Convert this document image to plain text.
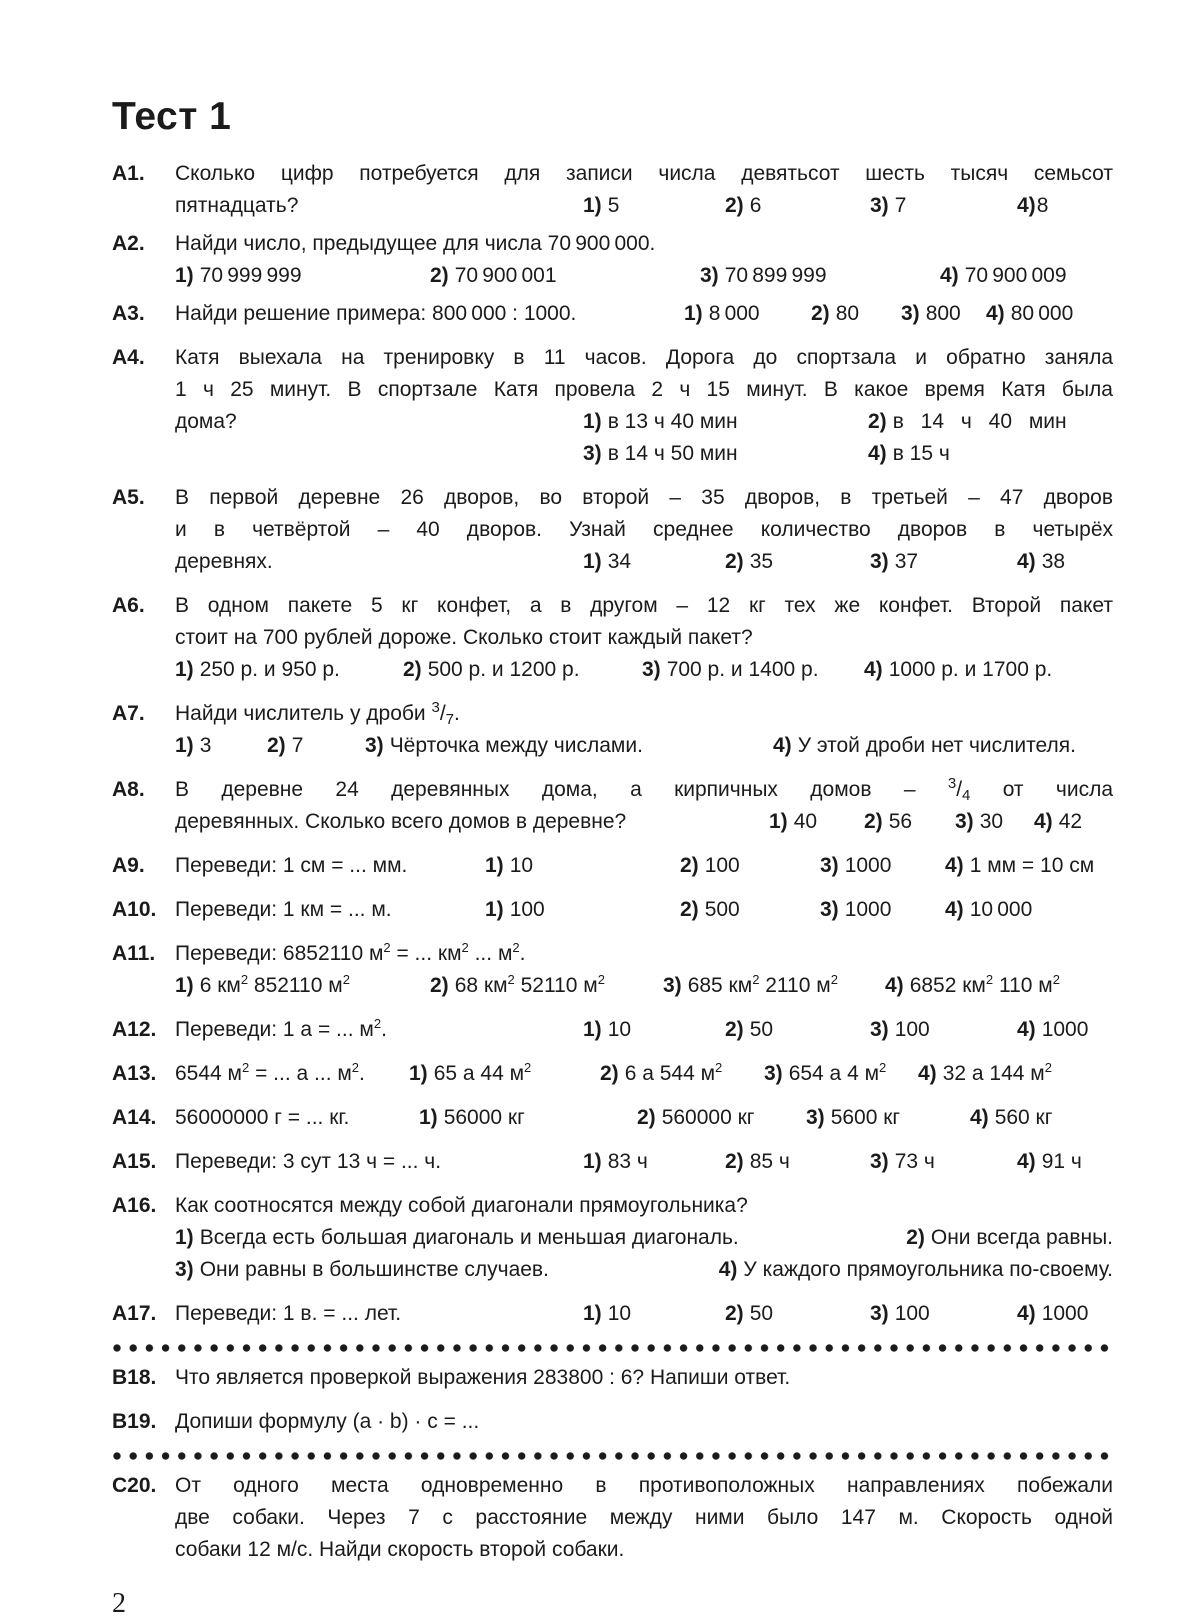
Тест 1
А1.	Сколько цифр потребуется для записи числа девятьсот шесть тысяч семьсот
пятнадцать?	1) 5	2) 6	3) 7	4)8
А2.	Найди число, предыдущее для числа 70 900 000.
1) 70 999 999	2) 70 900 001	3) 70 899 999	4) 70 900 009
А3.	Найди решение примера: 800 000 : 1000.	1) 8 000	2) 80	3) 800	4) 80 000
А4.	Катя выехала на тренировку в 11 часов. Дорога до спортзала и обратно заняла
1 ч 25 минут. В спортзале Катя провела 2 ч 15 минут. В какое время Катя была
дома?	1) в 13 ч 40 мин	2) в 14 ч 40 мин
3) в 14 ч 50 мин	4) в 15 ч
А5.	В первой деревне 26 дворов, во второй – 35 дворов, в третьей – 47 дворов
и в четвёртой – 40 дворов. Узнай среднее количество дворов в четырёх
деревнях.	1) 34	2) 35	3) 37	4) 38
А6.	В одном пакете 5 кг конфет, а в другом – 12 кг тех же конфет. Второй пакет
стоит на 700 рублей дороже. Сколько стоит каждый пакет?
1) 250 р. и 950 р.	2) 500 р. и 1200 р.	3) 700 р. и 1400 р.	4) 1000 р. и 1700 р.
А7.	Найди числитель у дроби $^3/_7$.
1) 3	2) 7	3) Чёрточка между числами.	4) У этой дроби нет числителя.
А8.	В деревне 24 деревянных дома, а кирпичных домов – $^3/_4$ от числа
деревянных. Сколько всего домов в деревне?	1) 40	2) 56	3) 30	4) 42
А9.	Переведи: 1 см = ... мм.	1) 10	2) 100	3) 1000	4) 1 мм = 10 см
А10. Переведи: 1 км = ... м.	1) 100	2) 500	3) 1000	4) 10 000
А11. Переведи: 6852110 $м^2$ = ... $км^2$ ... $м^2$.
1) 6 $км^2$ 852110 $м^2$	2) 68 $км^2$ 52110 $м^2$	3) 685 $км^2$ 2110 $м^2$	4) 6852 $км^2$ 110 $м^2$
А12. Переведи: 1 а = ... $м^2$.	1) 10	2) 50	3) 100	4) 1000
А13. 6544 $м^2$ = ... а ... $м^2$.	1) 65 а 44 $м^2$	2) 6 а 544 $м^2$	3) 654 а 4 $м^2$	4) 32 а 144 $м^2$
А14. 56000000 г = ... кг.	1) 56000 кг	2) 560000 кг	3) 5600 кг	4) 560 кг
А15. Переведи: 3 сут 13 ч = ... ч.	1) 83 ч	2) 85 ч	3) 73 ч	4) 91 ч
А16. Как соотносятся между собой диагонали прямоугольника?
1) Всегда есть большая диагональ и меньшая диагональ.	2) Они всегда равны.
3) Они равны в большинстве случаев.	4) У каждого прямоугольника по-своему.
А17. Переведи: 1 в. = ... лет.	1) 10	2) 50	3) 100	4) 1000
В18. Что является проверкой выражения 283800 : 6? Напиши ответ.
В19. Допиши формулу (a · b) · c = ...
С20. От одного места одновременно в противоположных направлениях побежали
две собаки. Через 7 с расстояние между ними было 147 м. Скорость одной
собаки 12 м/с. Найди скорость второй собаки.
2
